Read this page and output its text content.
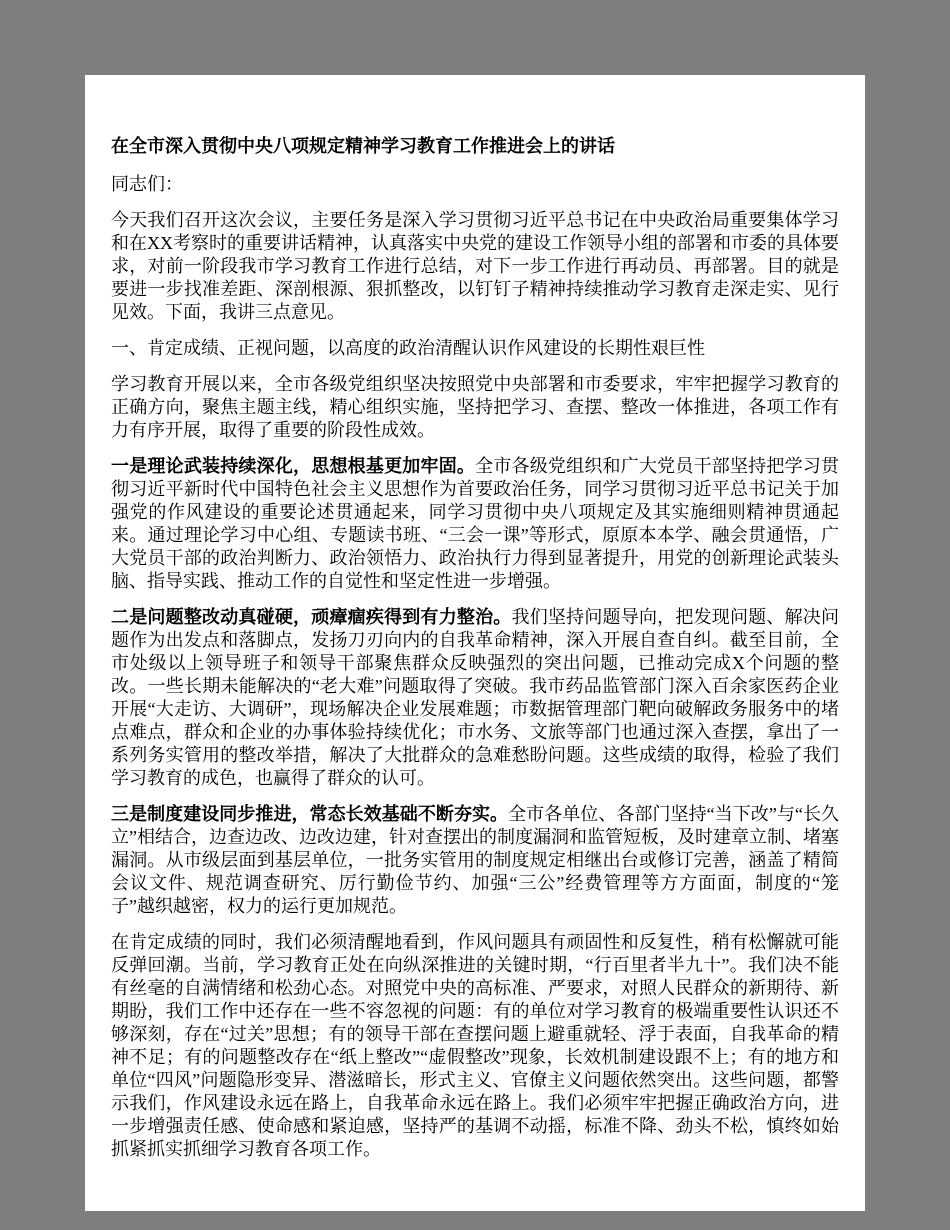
在全市深入贯彻中央八项规定精神学习教育工作推进会上的讲话

同志们：

今天我们召开这次会议，主要任务是深入学习贯彻习近平总书记在中央政治局重要集体学习和在XX考察时的重要讲话精神，认真落实中央党的建设工作领导小组的部署和市委的具体要求，对前一阶段我市学习教育工作进行总结，对下一步工作进行再动员、再部署。目的就是要进一步找准差距、深剖根源、狠抓整改，以钉钉子精神持续推动学习教育走深走实、见行见效。下面，我讲三点意见。

一、肯定成绩、正视问题，以高度的政治清醒认识作风建设的长期性艰巨性

学习教育开展以来，全市各级党组织坚决按照党中央部署和市委要求，牢牢把握学习教育的正确方向，聚焦主题主线，精心组织实施，坚持把学习、查摆、整改一体推进，各项工作有力有序开展，取得了重要的阶段性成效。

一是理论武装持续深化，思想根基更加牢固。全市各级党组织和广大党员干部坚持把学习贯彻习近平新时代中国特色社会主义思想作为首要政治任务，同学习贯彻习近平总书记关于加强党的作风建设的重要论述贯通起来，同学习贯彻中央八项规定及其实施细则精神贯通起来。通过理论学习中心组、专题读书班、“三会一课”等形式，原原本本学、融会贯通悟，广大党员干部的政治判断力、政治领悟力、政治执行力得到显著提升，用党的创新理论武装头脑、指导实践、推动工作的自觉性和坚定性进一步增强。

二是问题整改动真碰硬，顽瘴痼疾得到有力整治。我们坚持问题导向，把发现问题、解决问题作为出发点和落脚点，发扬刀刃向内的自我革命精神，深入开展自查自纠。截至目前，全市处级以上领导班子和领导干部聚焦群众反映强烈的突出问题，已推动完成X个问题的整改。一些长期未能解决的“老大难”问题取得了突破。我市药品监管部门深入百余家医药企业开展“大走访、大调研”，现场解决企业发展难题；市数据管理部门靶向破解政务服务中的堵点难点，群众和企业的办事体验持续优化；市水务、文旅等部门也通过深入查摆，拿出了一系列务实管用的整改举措，解决了大批群众的急难愁盼问题。这些成绩的取得，检验了我们学习教育的成色，也赢得了群众的认可。

三是制度建设同步推进，常态长效基础不断夯实。全市各单位、各部门坚持“当下改”与“长久立”相结合，边查边改、边改边建，针对查摆出的制度漏洞和监管短板，及时建章立制、堵塞漏洞。从市级层面到基层单位，一批务实管用的制度规定相继出台或修订完善，涵盖了精简会议文件、规范调查研究、厉行勤俭节约、加强“三公”经费管理等方方面面，制度的“笼子”越织越密，权力的运行更加规范。

在肯定成绩的同时，我们必须清醒地看到，作风问题具有顽固性和反复性，稍有松懈就可能反弹回潮。当前，学习教育正处在向纵深推进的关键时期，“行百里者半九十”。我们决不能有丝毫的自满情绪和松劲心态。对照党中央的高标准、严要求，对照人民群众的新期待、新期盼，我们工作中还存在一些不容忽视的问题：有的单位对学习教育的极端重要性认识还不够深刻，存在“过关”思想；有的领导干部在查摆问题上避重就轻、浮于表面，自我革命的精神不足；有的问题整改存在“纸上整改”“虚假整改”现象，长效机制建设跟不上；有的地方和单位“四风”问题隐形变异、潜滋暗长，形式主义、官僚主义问题依然突出。这些问题，都警示我们，作风建设永远在路上，自我革命永远在路上。我们必须牢牢把握正确政治方向，进一步增强责任感、使命感和紧迫感，坚持严的基调不动摇，标准不降、劲头不松，慎终如始抓紧抓实抓细学习教育各项工作。
